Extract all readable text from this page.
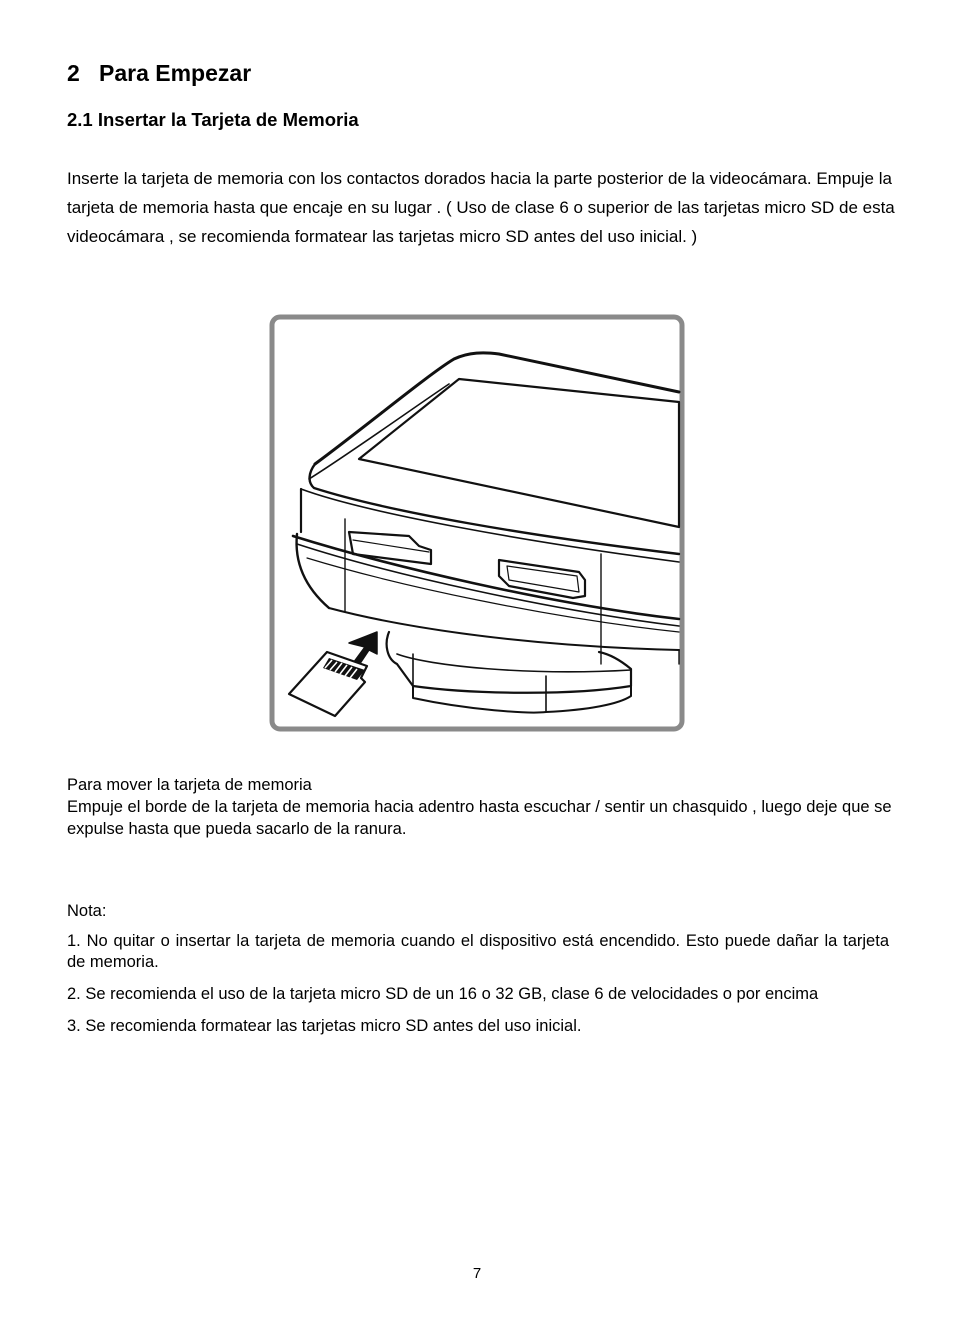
2 Para Empezar
2.1 Insertar la Tarjeta de Memoria

Inserte la tarjeta de memoria con los contactos dorados hacia la parte posterior de la videocámara. Empuje la tarjeta de memoria hasta que encaje en su lugar . ( Uso de clase 6 o superior de las tarjetas micro SD de esta videocámara , se recomienda formatear las tarjetas micro SD antes del uso inicial. )

Para mover la tarjeta de memoria
Empuje el borde de la tarjeta de memoria hacia adentro hasta escuchar / sentir un chasquido , luego deje que se expulse hasta que pueda sacarlo de la ranura.

Nota:

1. No quitar o insertar la tarjeta de memoria cuando el dispositivo está encendido. Esto puede dañar la tarjeta de memoria.
2. Se recomienda el uso de la tarjeta micro SD de un 16 o 32 GB, clase 6 de velocidades o por encima
3. Se recomienda formatear las tarjetas micro SD antes del uso inicial.

7
